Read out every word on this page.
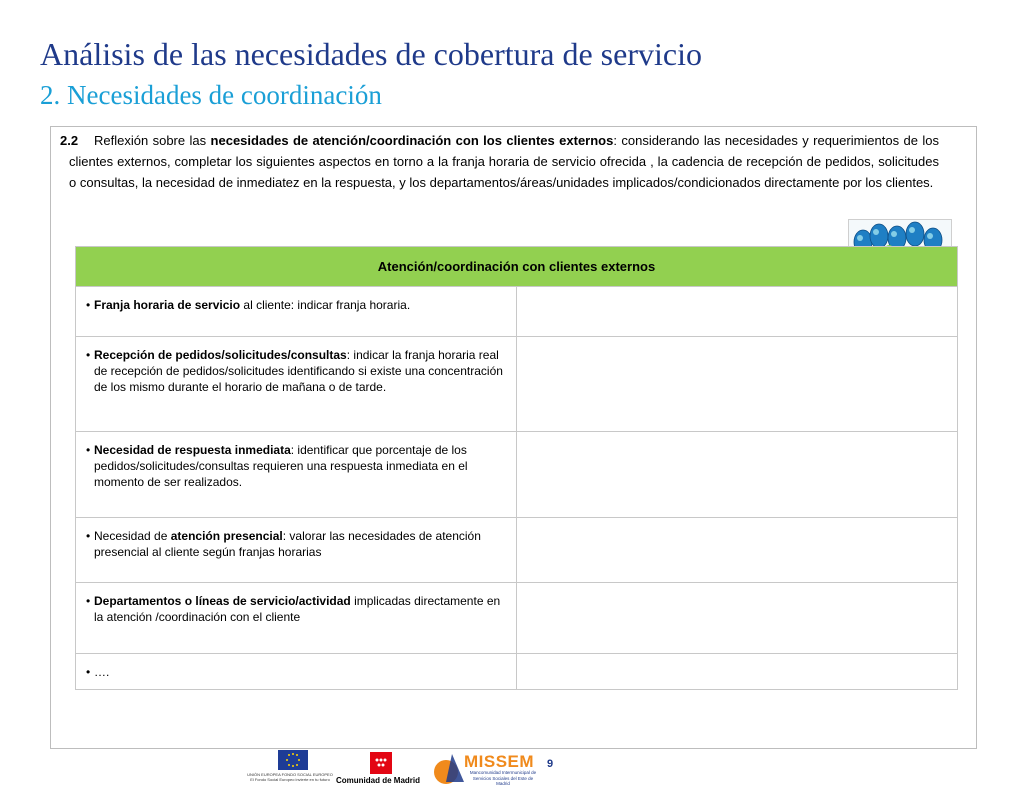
Análisis de las necesidades de cobertura de servicio
2. Necesidades de coordinación
2.2	Reflexión sobre las necesidades de atención/coordinación con los clientes externos: considerando las necesidades y requerimientos de los clientes externos, completar los siguientes aspectos en torno a la franja horaria de servicio ofrecida , la cadencia de recepción de pedidos, solicitudes o consultas, la necesidad de inmediatez en la respuesta, y los departamentos/áreas/unidades implicados/condicionados directamente por los clientes.

Atención/coordinación con clientes externos	

• Franja horaria de servicio al cliente: indicar franja horaria.	

• Recepción de pedidos/solicitudes/consultas: indicar la franja horaria real de recepción de pedidos/solicitudes identificando si existe una concentración de los mismo durante el horario de mañana o de tarde.	

• Necesidad de respuesta inmediata: identificar que porcentaje de los pedidos/solicitudes/consultas requieren una respuesta inmediata en el momento de ser realizados.	

• Necesidad de atención presencial: valorar las necesidades de atención presencial al cliente según franjas horarias	

• Departamentos o líneas de servicio/actividad implicadas directamente en la atención /coordinación con el cliente	

• ….	

UNIÓN EUROPEA FONDO SOCIAL EUROPEO El Fondo Social Europeo invierte en tu futuro Comunidad de Madrid
MISSEM
Mancomunidad Intermunicipal de Servicios Sociales del Este de Madrid
9
